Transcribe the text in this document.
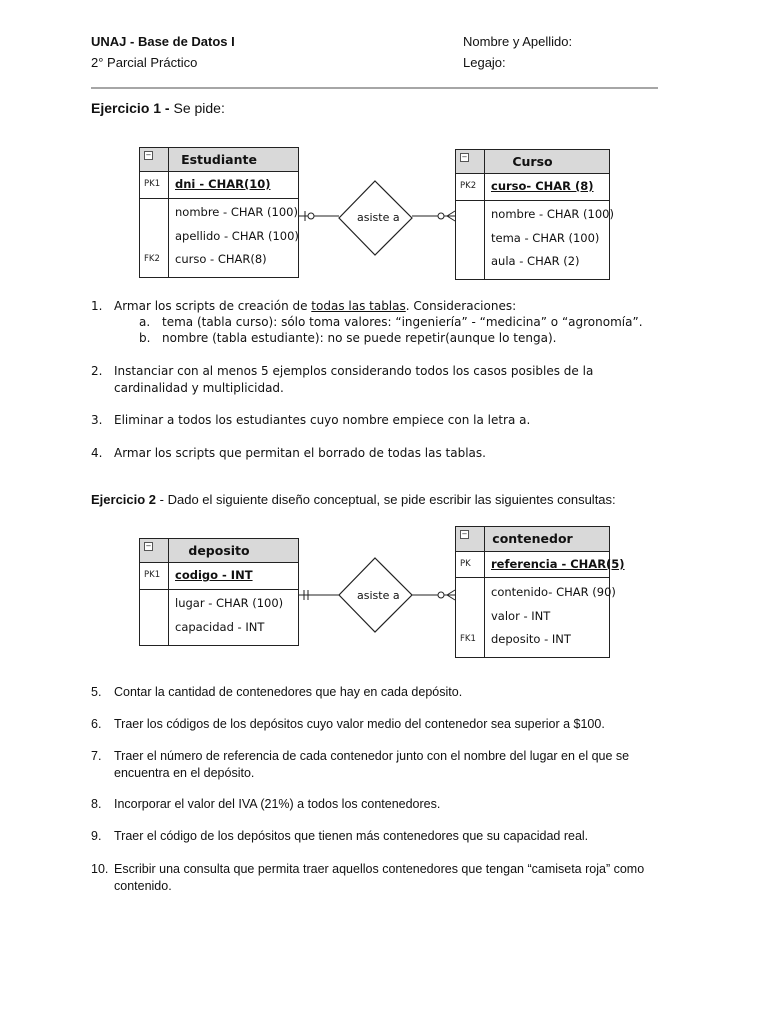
UNAJ - Base de Datos I
2° Parcial Práctico
Nombre y Apellido:
Legajo:
Ejercicio 1 - Se pide:
asiste a
asiste a
− Estudiante
PK1 dni - CHAR(10)
nombre - CHAR (100)
apellido - CHAR (100)
FK2 curso - CHAR(8)
−	Curso
PK2 curso- CHAR (8)
nombre - CHAR (100)
tema - CHAR (100)
aula - CHAR (2)
1. Armar los scripts de creación de todas las tablas. Consideraciones:
a. tema (tabla curso): sólo toma valores: “ingeniería” - “medicina” o “agronomía”.
b. nombre (tabla estudiante): no se puede repetir(aunque lo tenga).
2. Instanciar con al menos 5 ejemplos considerando todos los casos posibles de la cardinalidad y multiplicidad.
3. Eliminar a todos los estudiantes cuyo nombre empiece con la letra a.
4. Armar los scripts que permitan el borrado de todas las tablas.
Ejercicio 2 - Dado el siguiente diseño conceptual, se pide escribir las siguientes consultas:
−	deposito
PK1 codigo - INT
lugar - CHAR (100)
capacidad - INT
− contenedor
PK referencia - CHAR(5)
contenido- CHAR (90)
valor - INT
FK1 deposito - INT
5.	Contar la cantidad de contenedores que hay en cada depósito.
6.	Traer los códigos de los depósitos cuyo valor medio del contenedor sea superior a $100.
7.	Traer el número de referencia de cada contenedor junto con el nombre del lugar en el que se encuentra en el depósito.
8.	Incorporar el valor del IVA (21%) a todos los contenedores.
9.	Traer el código de los depósitos que tienen más contenedores que su capacidad real.
10. Escribir una consulta que permita traer aquellos contenedores que tengan “camiseta roja” como contenido.
